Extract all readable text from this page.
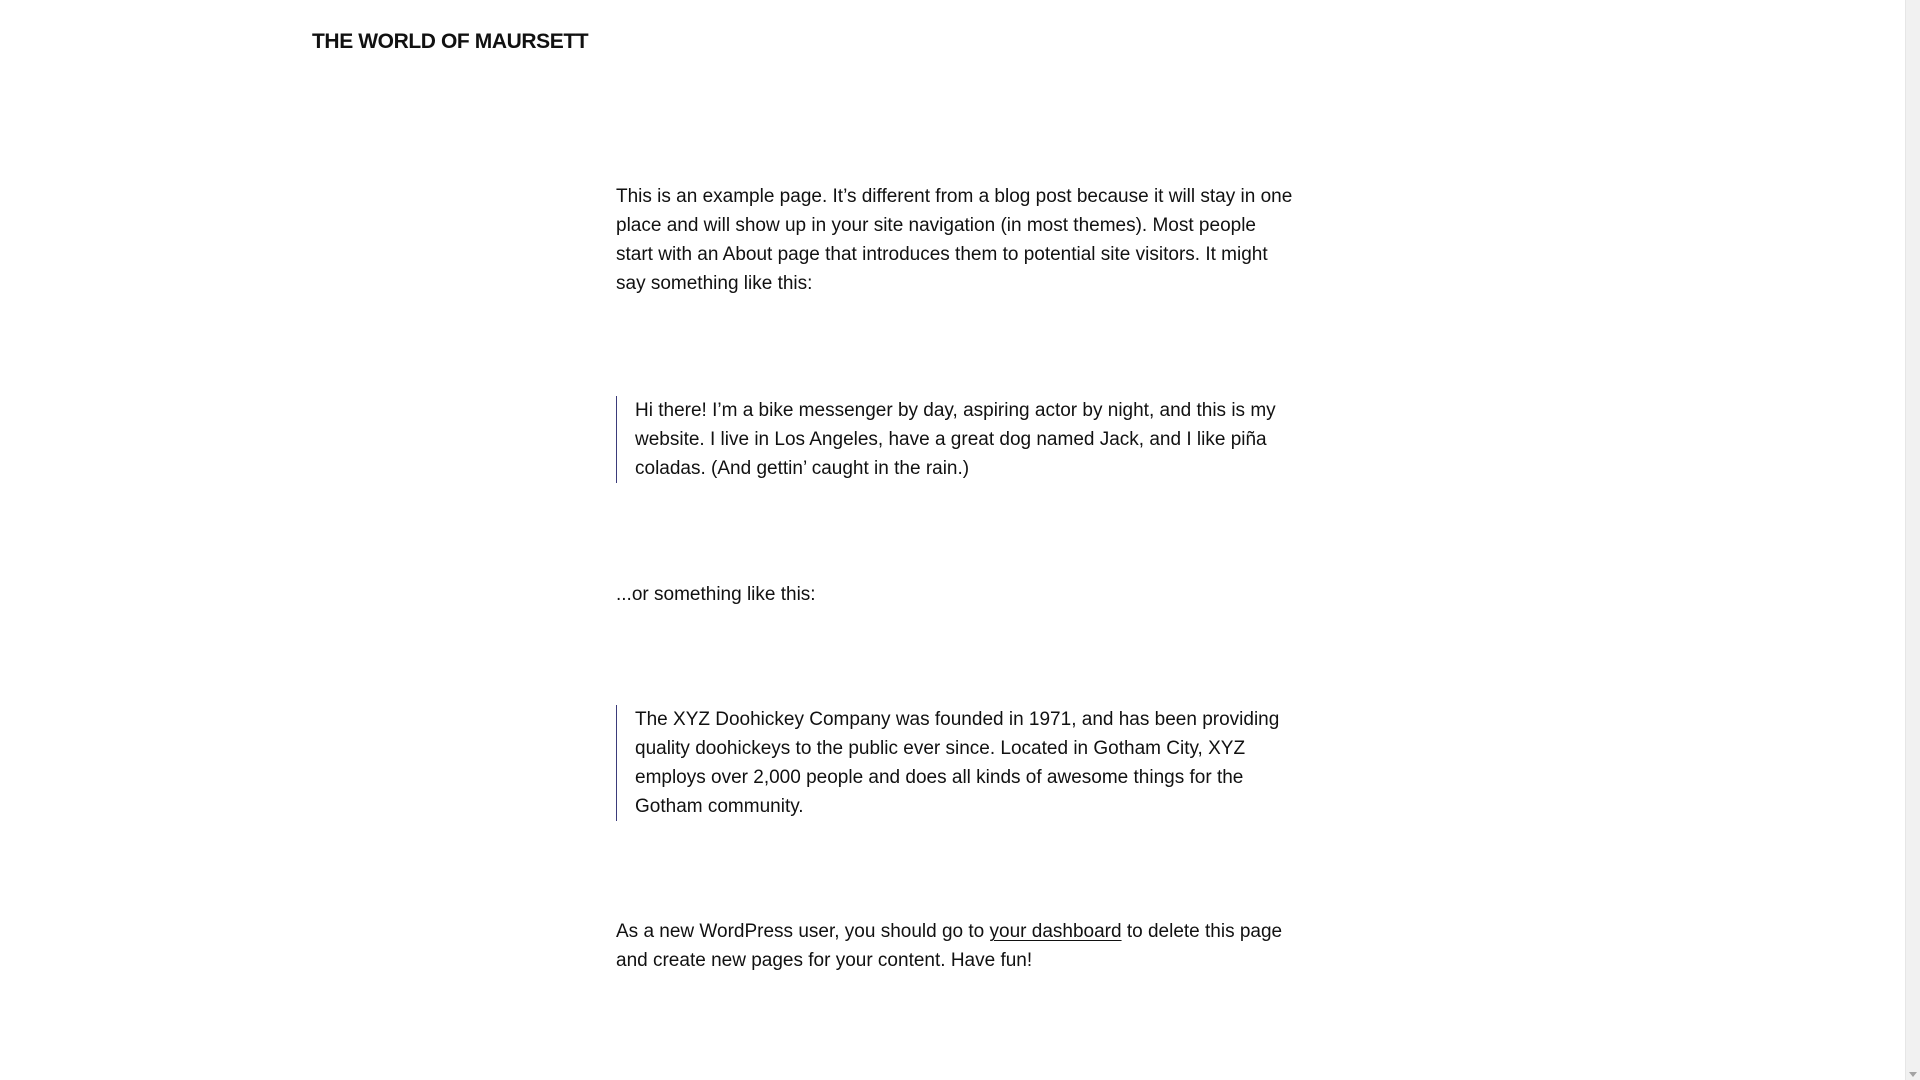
THE WORLD OF MAURSETT

This is an example page. It’s different from a blog post because it will stay in one place and will show up in your site navigation (in most themes). Most people start with an About page that introduces them to potential site visitors. It might say something like this:

Hi there! I’m a bike messenger by day, aspiring actor by night, and this is my website. I live in Los Angeles, have a great dog named Jack, and I like piña coladas. (And gettin’ caught in the rain.)

...or something like this:

The XYZ Doohickey Company was founded in 1971, and has been providing quality doohickeys to the public ever since. Located in Gotham City, XYZ employs over 2,000 people and does all kinds of awesome things for the Gotham community.

As a new WordPress user, you should go to your dashboard to delete this page and create new pages for your content. Have fun!
